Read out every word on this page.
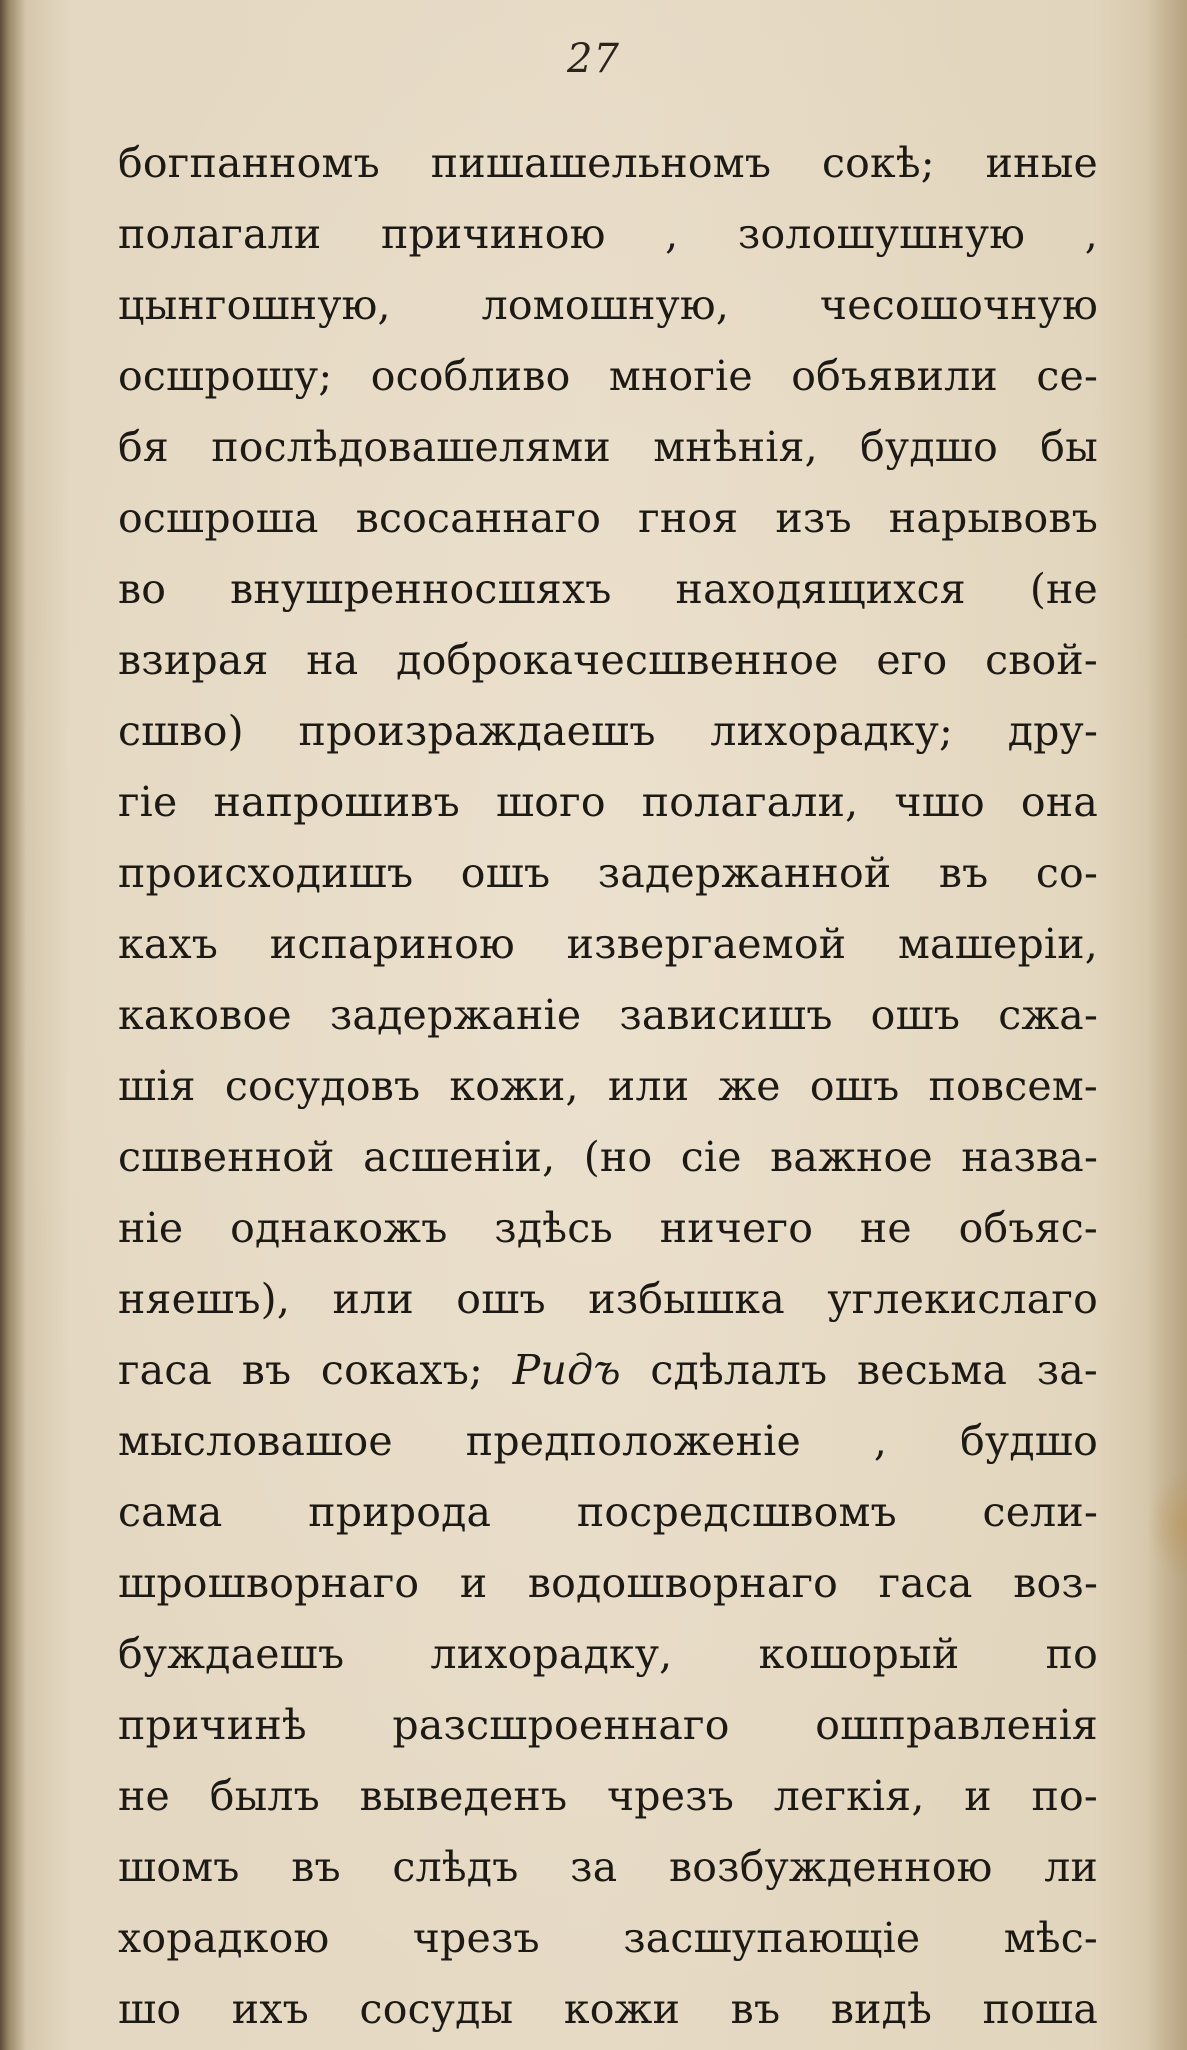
27
богпанномъ пишашельномъ сокѣ; иные
полагали причиною , золошушную ,
цынгошную, ломошную, чесошочную
осшрошу; особливо многіе объявили се-
бя послѣдовашелями мнѣнія, будшо бы
осшроша всосаннаго гноя изъ нарывовъ
во внушренносшяхъ находящихся (не
взирая на доброкачесшвенное его свой-
сшво) произраждаешъ лихорадку; дру-
гіе напрошивъ шого полагали, чшо она
происходишъ ошъ задержанной въ со-
кахъ испариною извергаемой машеріи,
каковое задержаніе зависишъ ошъ сжа-
шія сосудовъ кожи, или же ошъ повсем-
сшвенной асшеніи, (но сіе важное назва-
ніе однакожъ здѣсь ничего не объяс-
няешъ), или ошъ избышка углекислаго
гаса въ сокахъ; Ридъ сдѣлалъ весьма за-
мысловашое предположеніе , будшо
сама природа посредсшвомъ сели-
шрошворнаго и водошворнаго гаса воз-
буждаешъ лихорадку, кошорый по
причинѣ разсшроеннаго ошправленія
не былъ выведенъ чрезъ легкія, и по-
шомъ въ слѣдъ за возбужденною ли
хорадкою чрезъ засшупающіе мѣс-
шо ихъ сосуды кожи въ видѣ поша
